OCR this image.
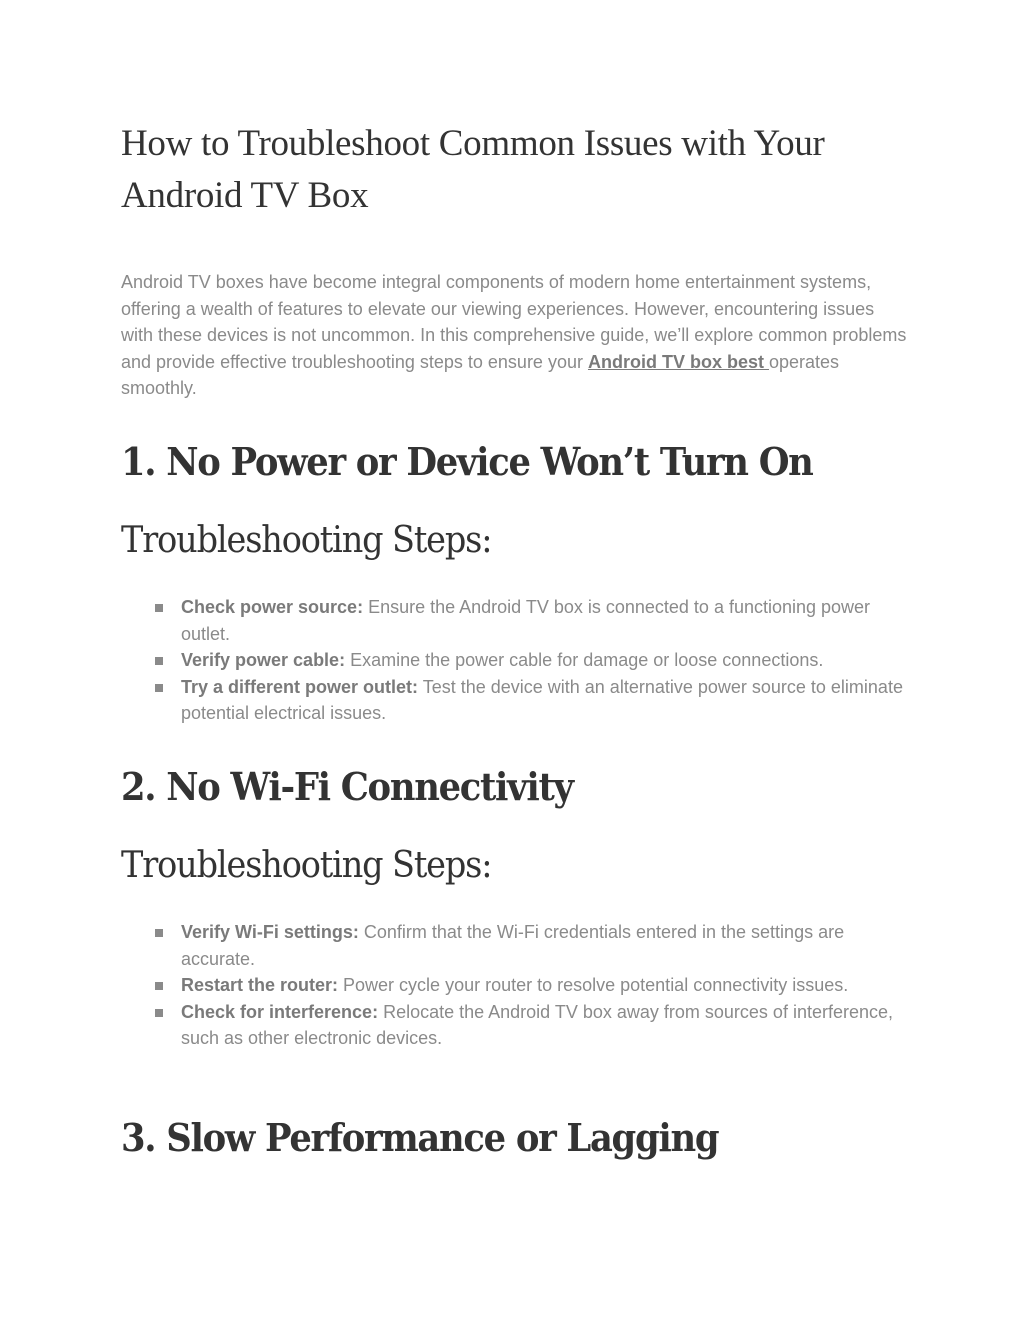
How to Troubleshoot Common Issues with Your Android TV Box

Android TV boxes have become integral components of modern home entertainment systems, offering a wealth of features to elevate our viewing experiences. However, encountering issues with these devices is not uncommon. In this comprehensive guide, we’ll explore common problems and provide effective troubleshooting steps to ensure your Android TV box best operates smoothly.

1. No Power or Device Won’t Turn On
Troubleshooting Steps:
Check power source: Ensure the Android TV box is connected to a functioning power outlet.
Verify power cable: Examine the power cable for damage or loose connections.
Try a different power outlet: Test the device with an alternative power source to eliminate potential electrical issues.
2. No Wi-Fi Connectivity
Troubleshooting Steps:
Verify Wi-Fi settings: Confirm that the Wi-Fi credentials entered in the settings are accurate.
Restart the router: Power cycle your router to resolve potential connectivity issues.
Check for interference: Relocate the Android TV box away from sources of interference, such as other electronic devices.
3. Slow Performance or Lagging
